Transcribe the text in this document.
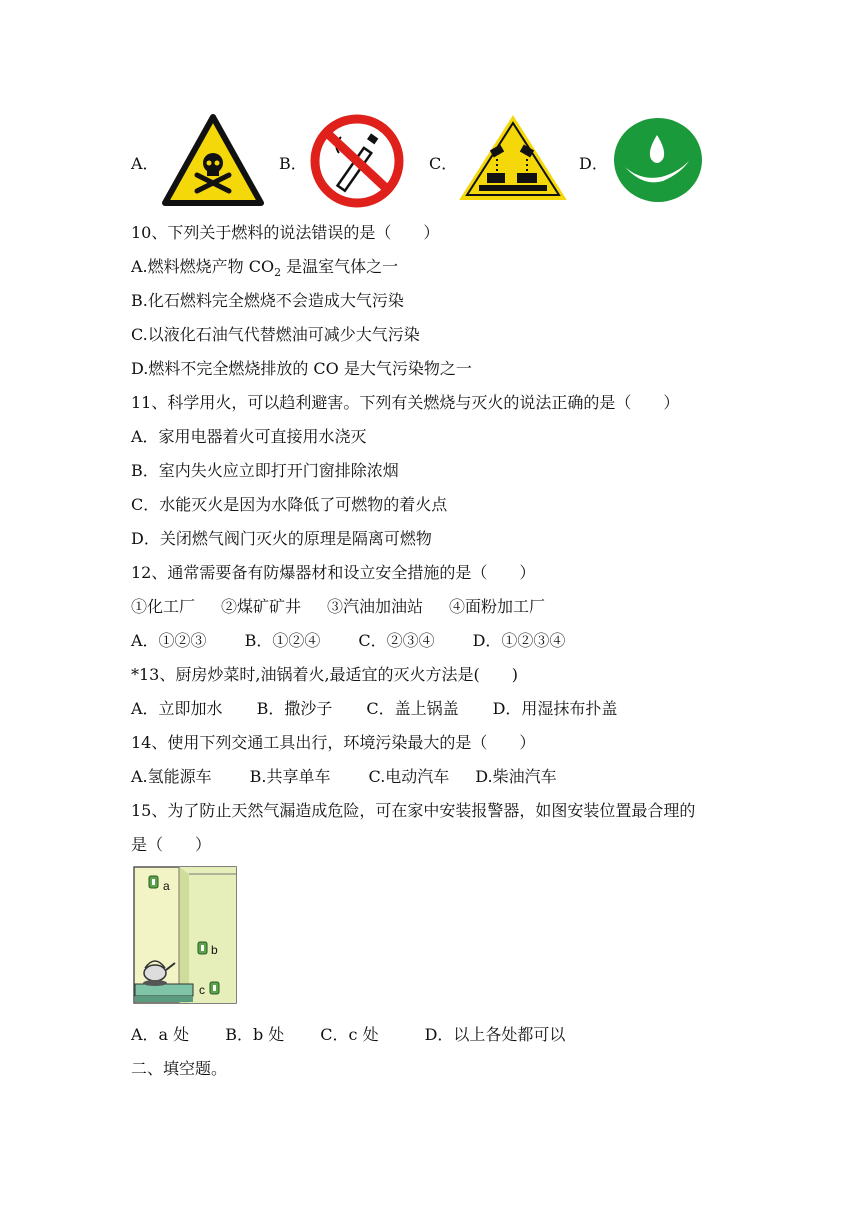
A．	B．	C．	D．
10、下列关于燃料的说法错误的是（　　）
A.燃料燃烧产物 $CO_2$ 是温室气体之一
B.化石燃料完全燃烧不会造成大气污染
C.以液化石油气代替燃油可减少大气污染
D.燃料不完全燃烧排放的 CO 是大气污染物之一
11、科学用火，可以趋利避害。下列有关燃烧与灭火的说法正确的是（　　）
A．家用电器着火可直接用水浇灭
B．室内失火应立即打开门窗排除浓烟
C．水能灭火是因为水降低了可燃物的着火点
D．关闭燃气阀门灭火的原理是隔离可燃物
12、通常需要备有防爆器材和设立安全措施的是（　　）
①化工厂 ②煤矿矿井 ③汽油加油站 ④面粉加工厂
A．①②③ B．①②④ C．②③④ D．①②③④
*13、厨房炒菜时,油锅着火,最适宜的灭火方法是(　　)
A．立即加水 B．撒沙子 C．盖上锅盖 D．用湿抹布扑盖
14、使用下列交通工具出行，环境污染最大的是（　　）
A.氢能源车 B.共享单车 C.电动汽车 D.柴油汽车
15、为了防止天然气漏造成危险，可在家中安装报警器，如图安装位置最合理的
是（　　）
a
b
c
A．a 处 B．b 处 C．c 处	D．以上各处都可以
二、填空题。
